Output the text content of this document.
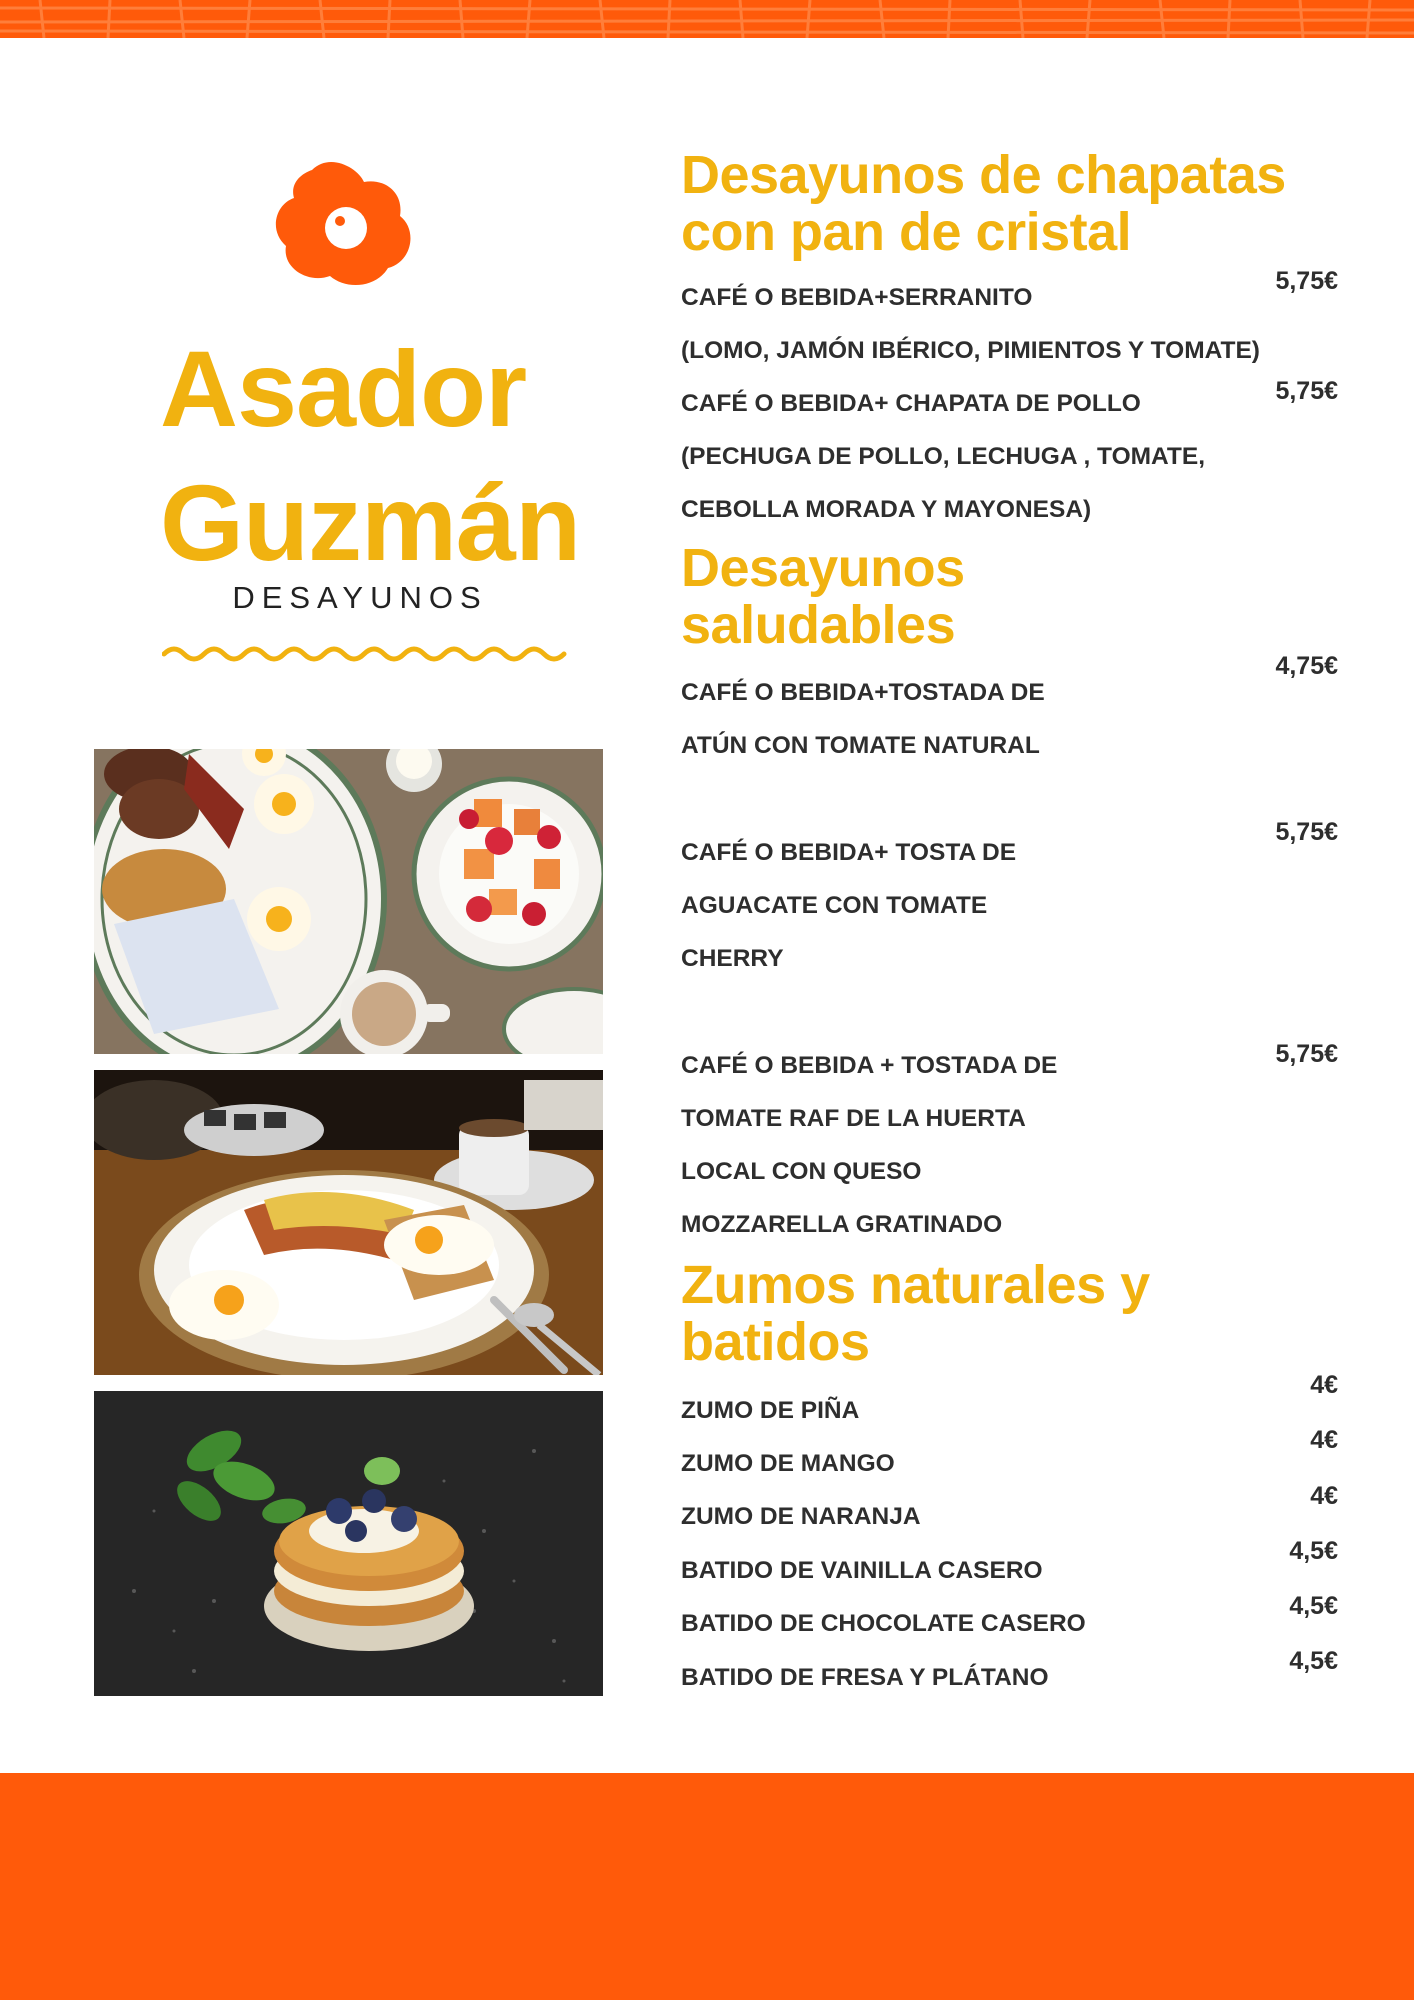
Asador
Guzmán
DESAYUNOS
Desayunos de chapatas
con pan de cristal
CAFÉ O BEBIDA+SERRANITO
(LOMO, JAMÓN IBÉRICO, PIMIENTOS Y TOMATE)
5,75€
CAFÉ O BEBIDA+ CHAPATA DE POLLO
(PECHUGA DE POLLO, LECHUGA , TOMATE,
CEBOLLA MORADA Y MAYONESA)
5,75€
Desayunos
saludables
CAFÉ O BEBIDA+TOSTADA DE
ATÚN CON TOMATE NATURAL
4,75€
CAFÉ O BEBIDA+ TOSTA DE
AGUACATE CON TOMATE
CHERRY
5,75€
CAFÉ O BEBIDA + TOSTADA DE
TOMATE RAF DE LA HUERTA
LOCAL CON QUESO
MOZZARELLA GRATINADO
5,75€
Zumos naturales y
batidos
ZUMO DE PIÑA
4€
ZUMO DE MANGO
4€
ZUMO DE NARANJA
4€
BATIDO DE VAINILLA CASERO
4,5€
BATIDO DE CHOCOLATE CASERO
4,5€
BATIDO DE FRESA Y PLÁTANO
4,5€
